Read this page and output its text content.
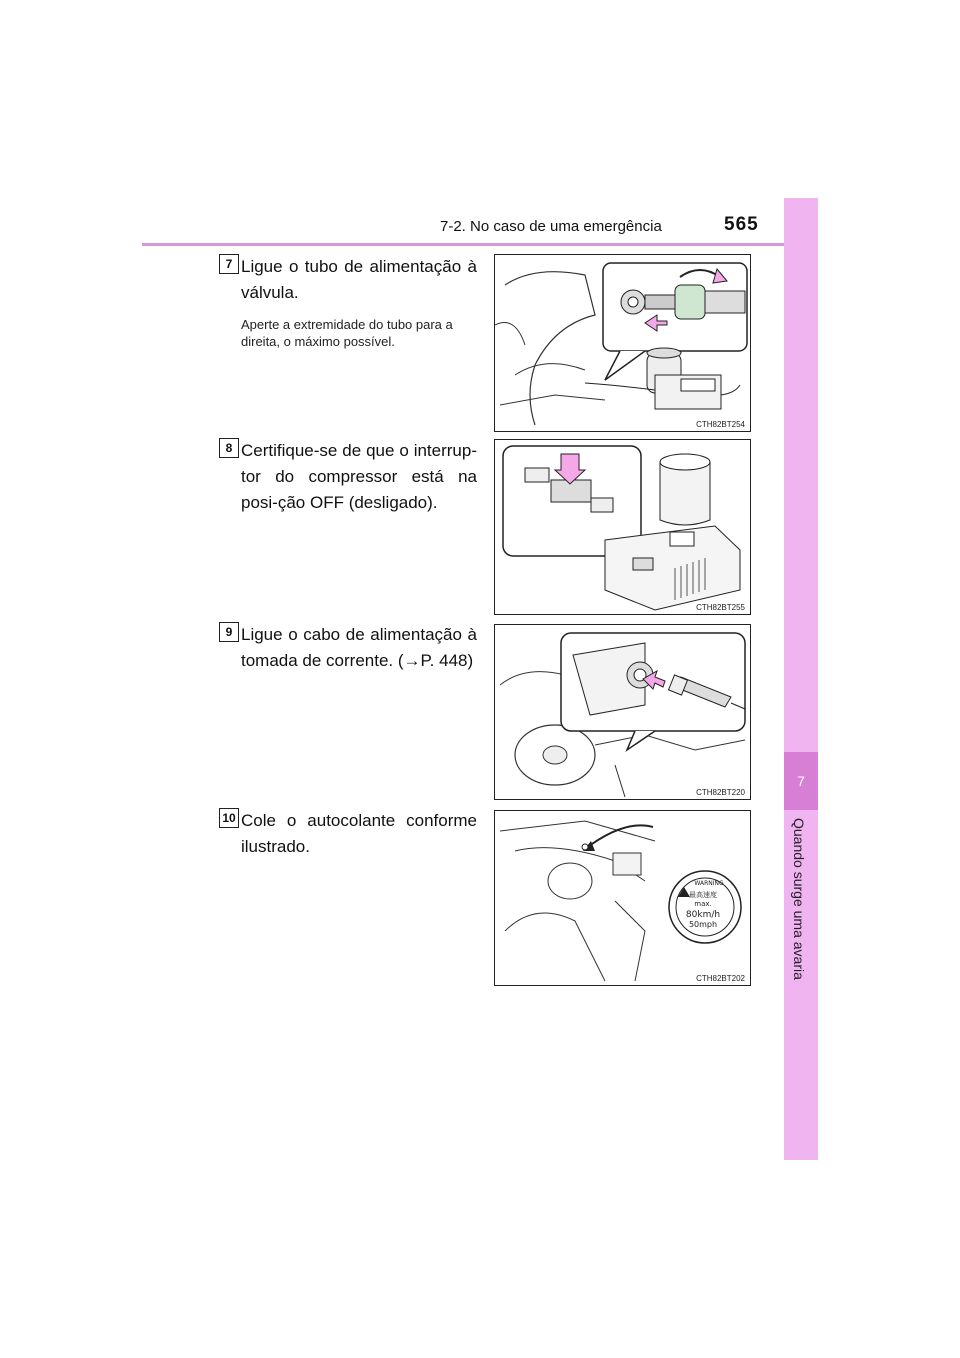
7-2. No caso de uma emergência	565
7
Quando surge uma avaria
7 Ligue o tubo de alimentação à válvula.
Aperte a extremidade do tubo para a direita, o máximo possível.
CTH82BT254
8 Certifique-se de que o interrup-tor do compressor está na posi-ção OFF (desligado).
CTH82BT255
9 Ligue o cabo de alimentação à tomada de corrente. (→P. 448)
CTH82BT220
10 Cole o autocolante conforme ilustrado.
WARNING
最高速度
max.
80km/h
50mph
CTH82BT202
